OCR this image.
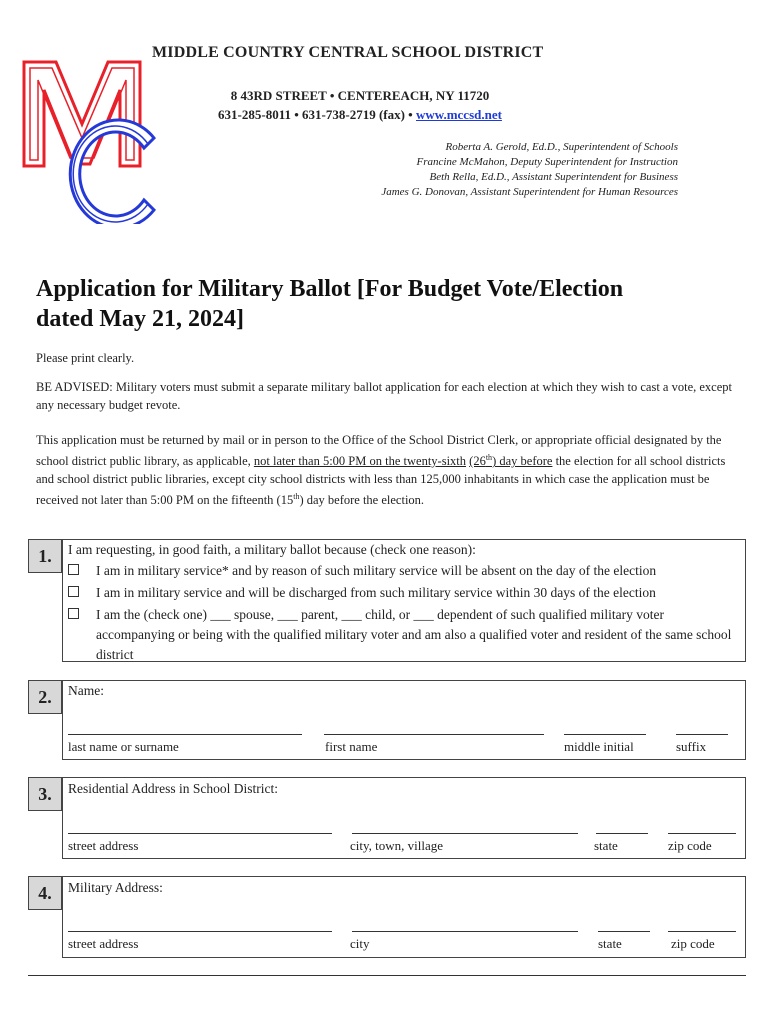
MIDDLE COUNTRY CENTRAL SCHOOL DISTRICT
8 43RD STREET • CENTEREACH, NY 11720
631-285-8011 • 631-738-2719 (fax) • www.mccsd.net
Roberta A. Gerold, Ed.D., Superintendent of Schools
Francine McMahon, Deputy Superintendent for Instruction
Beth Rella, Ed.D., Assistant Superintendent for Business
James G. Donovan, Assistant Superintendent for Human Resources
Application for Military Ballot [For Budget Vote/Election
dated May 21, 2024]
Please print clearly.
BE ADVISED: Military voters must submit a separate military ballot application for each election at which they wish to cast a vote, except any necessary budget revote.
This application must be returned by mail or in person to the Office of the School District Clerk, or appropriate official designated by the school district public library, as applicable, not later than 5:00 PM on the twenty-sixth (26th) day before the election for all school districts and school district public libraries, except city school districts with less than 125,000 inhabitants in which case the application must be received not later than 5:00 PM on the fifteenth (15th) day before the election.
1.	I am requesting, in good faith, a military ballot because (check one reason):
I am in military service* and by reason of such military service will be absent on the day of the election
I am in military service and will be discharged from such military service within 30 days of the election
I am the (check one) ___ spouse, ___ parent, ___ child, or ___ dependent of such qualified military voter accompanying or being with the qualified military voter and am also a qualified voter and resident of the same school district
2.	Name:
last name or surname	first name	middle initial	suffix
3.	Residential Address in School District:
street address	city, town, village	state	zip code
4.	Military Address:
street address	city	state	zip code
